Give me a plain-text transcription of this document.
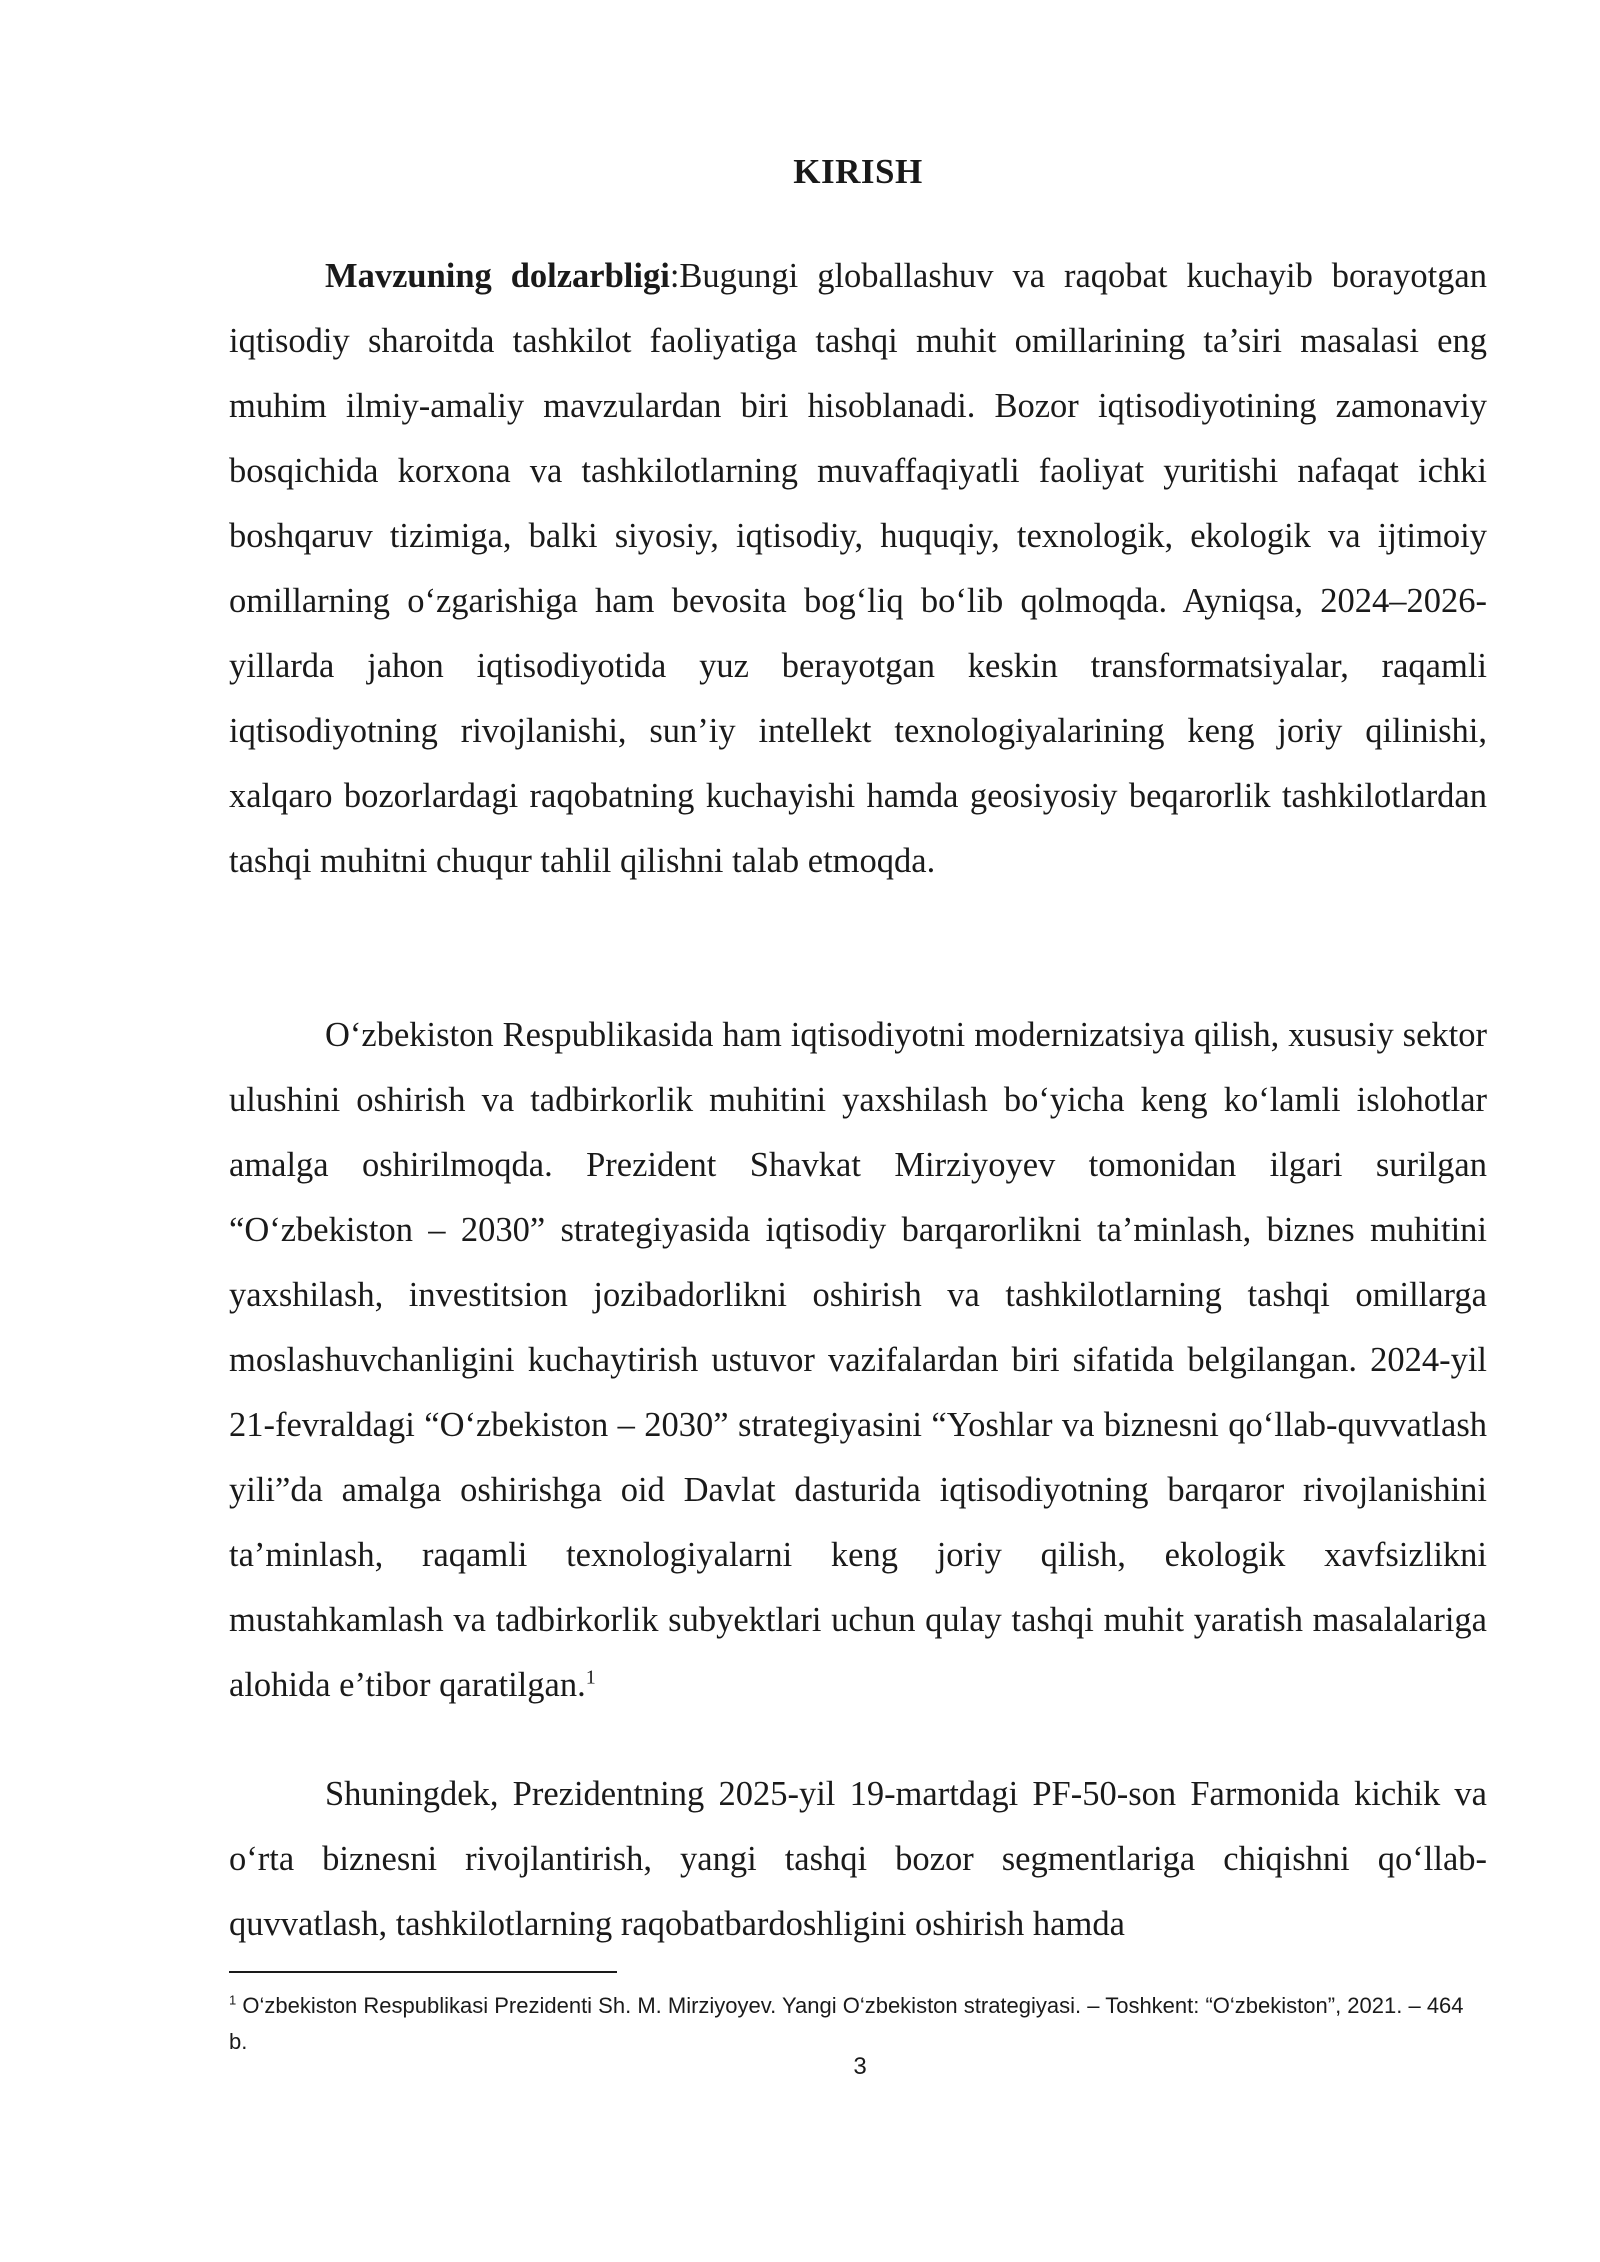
KIRISH

Mavzuning dolzarbligi:Bugungi globallashuv va raqobat kuchayib borayotgan iqtisodiy sharoitda tashkilot faoliyatiga tashqi muhit omillarining ta’siri masalasi eng muhim ilmiy-amaliy mavzulardan biri hisoblanadi. Bozor iqtisodiyotining zamonaviy bosqichida korxona va tashkilotlarning muvaffaqiyatli faoliyat yuritishi nafaqat ichki boshqaruv tizimiga, balki siyosiy, iqtisodiy, huquqiy, texnologik, ekologik va ijtimoiy omillarning o‘zgarishiga ham bevosita bog‘liq bo‘lib qolmoqda. Ayniqsa, 2024–2026-yillarda jahon iqtisodiyotida yuz berayotgan keskin transformatsiyalar, raqamli iqtisodiyotning rivojlanishi, sun’iy intellekt texnologiyalarining keng joriy qilinishi, xalqaro bozorlardagi raqobatning kuchayishi hamda geosiyosiy beqarorlik tashkilotlardan tashqi muhitni chuqur tahlil qilishni talab etmoqda.

O‘zbekiston Respublikasida ham iqtisodiyotni modernizatsiya qilish, xususiy sektor ulushini oshirish va tadbirkorlik muhitini yaxshilash bo‘yicha keng ko‘lamli islohotlar amalga oshirilmoqda. Prezident Shavkat Mirziyoyev tomonidan ilgari surilgan “O‘zbekiston – 2030” strategiyasida iqtisodiy barqarorlikni ta’minlash, biznes muhitini yaxshilash, investitsion jozibadorlikni oshirish va tashkilotlarning tashqi omillarga moslashuvchanligini kuchaytirish ustuvor vazifalardan biri sifatida belgilangan. 2024-yil 21-fevraldagi “O‘zbekiston – 2030” strategiyasini “Yoshlar va biznesni qo‘llab-quvvatlash yili”da amalga oshirishga oid Davlat dasturida iqtisodiyotning barqaror rivojlanishini ta’minlash, raqamli texnologiyalarni keng joriy qilish, ekologik xavfsizlikni mustahkamlash va tadbirkorlik subyektlari uchun qulay tashqi muhit yaratish masalalariga alohida e’tibor qaratilgan.$^1$

Shuningdek, Prezidentning 2025-yil 19-martdagi PF-50-son Farmonida kichik va o‘rta biznesni rivojlantirish, yangi tashqi bozor segmentlariga chiqishni qo‘llab-quvvatlash, tashkilotlarning raqobatbardoshligini oshirish hamda

$^1$ O‘zbekiston Respublikasi Prezidenti Sh. M. Mirziyoyev. Yangi O‘zbekiston strategiyasi. – Toshkent: “O‘zbekiston”, 2021. – 464 b.
3
